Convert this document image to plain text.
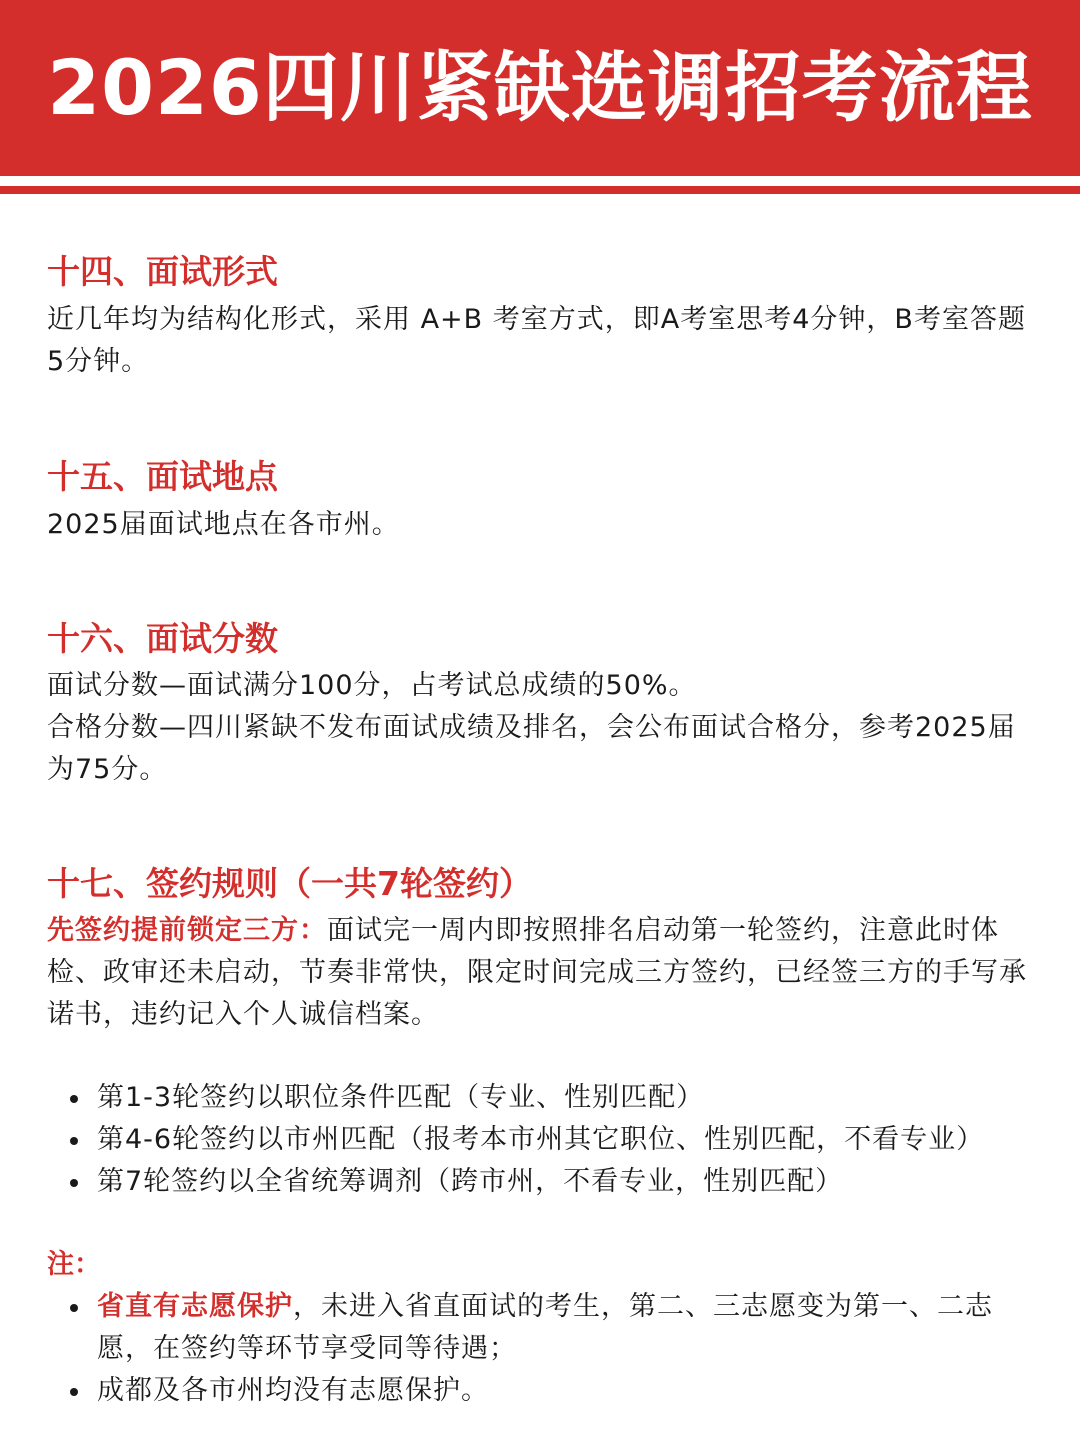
2026四川紧缺选调招考流程
十四、面试形式

近几年均为结构化形式，采用 A+B 考室方式，即A考室思考4分钟，B考室答题5分钟。

十五、面试地点

2025届面试地点在各市州。

十六、面试分数

面试分数—面试满分100分，占考试总成绩的50%。

合格分数—四川紧缺不发布面试成绩及排名，会公布面试合格分，参考2025届为75分。

十七、签约规则（一共7轮签约）

先签约提前锁定三方：面试完一周内即按照排名启动第一轮签约，注意此时体检、政审还未启动，节奏非常快，限定时间完成三方签约，已经签三方的手写承诺书，违约记入个人诚信档案。

第1-3轮签约以职位条件匹配（专业、性别匹配）
第4-6轮签约以市州匹配（报考本市州其它职位、性别匹配，不看专业）
第7轮签约以全省统筹调剂（跨市州，不看专业，性别匹配）

注：

省直有志愿保护，未进入省直面试的考生，第二、三志愿变为第一、二志愿，在签约等环节享受同等待遇；
成都及各市州均没有志愿保护。
